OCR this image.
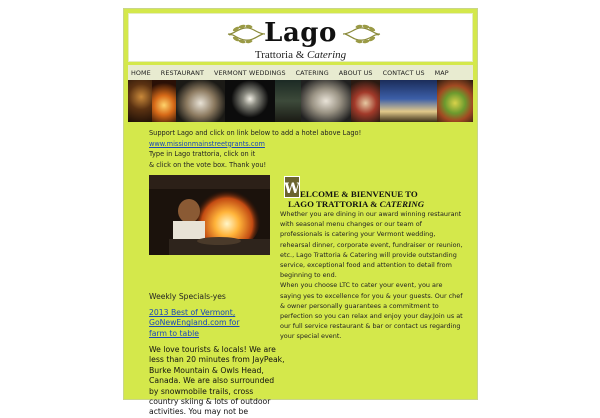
Lago
Trattoria & Catering
HOME	RESTAURANT	VERMONT WEDDINGS	CATERING	ABOUT US	CONTACT US	MAP
Support Lago and click on link below to add a hotel above Lago!
www.missionmainstreetgrants.com
Type in Lago trattoria, click on it
& click on the vote box. Thank you!
Weekly Specials-yes
2013 Best of Vermont, GoNewEngland.com for farm to table
We love tourists & locals! We are less than 20 minutes from JayPeak, Burke Mountain & Owls Head, Canada. We are also surrounded by snowmobile trails, cross country skiing & lots of outdoor activities. You may not be
W ELCOME & BIENVENUE TO
LAGO TRATTORIA & CATERING
Whether you are dining in our award winning restaurant with seasonal menu changes or our team of professionals is catering your Vermont wedding, rehearsal dinner, corporate event, fundraiser or reunion, etc., Lago Trattoria & Catering will provide outstanding service, exceptional food and attention to detail from beginning to end.
When you choose LTC to cater your event, you are saying yes to excellence for you & your guests. Our chef & owner personally guarantees a commitment to perfection so you can relax and enjoy your day.Join us at our full service restaurant & bar or contact us regarding your special event.
